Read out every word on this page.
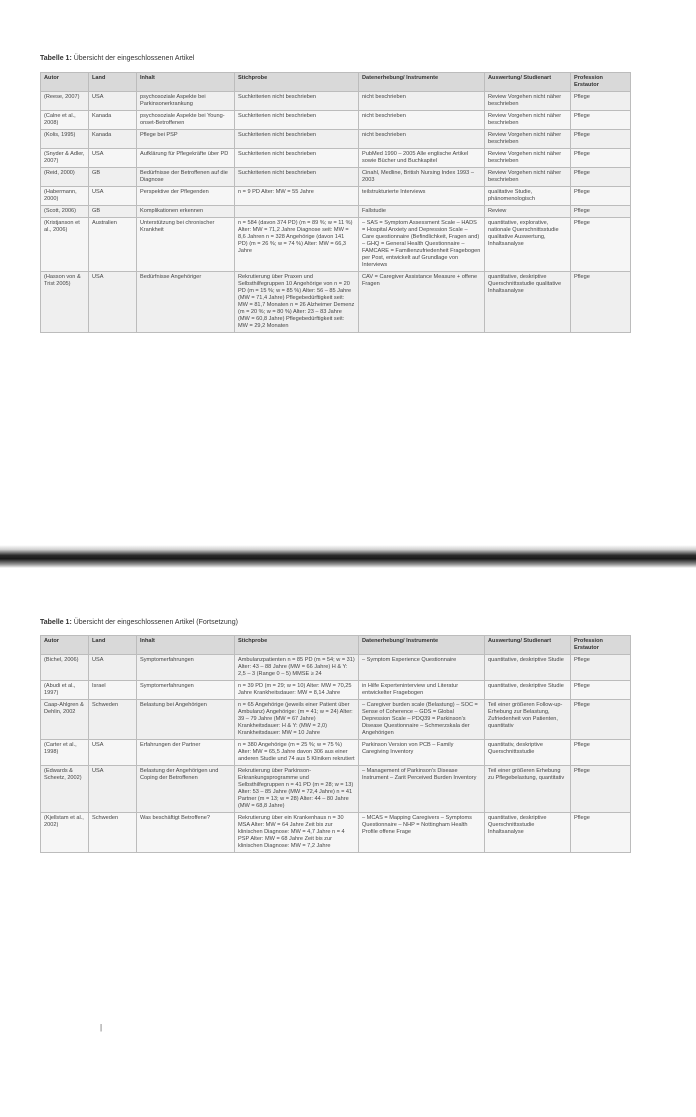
Tabelle 1: Übersicht der eingeschlossenen Artikel
Autor	Land	Inhalt	Stichprobe	Datenerhebung/ Instrumente	Auswertung/ Studienart	Profession Erstautor
(Reese, 2007)	USA	psychosoziale Aspekte bei Parkinsonerkrankung	Suchkriterien nicht beschrieben	nicht beschrieben	Review Vorgehen nicht näher beschrieben	Pflege
(Calne et al., 2008)	Kanada	psychosoziale Aspekte bei Young-onset-Betroffenen	Suchkriterien nicht beschrieben	nicht beschrieben	Review Vorgehen nicht näher beschrieben	Pflege
(Kolis, 1995)	Kanada	Pflege bei PSP	Suchkriterien nicht beschrieben	nicht beschrieben	Review Vorgehen nicht näher beschrieben	Pflege
(Snyder & Adler, 2007)	USA	Aufklärung für Pflegekräfte über PD	Suchkriterien nicht beschrieben	PubMed 1990 – 2005 Alle englische Artikel sowie Bücher und Buchkapitel	Review Vorgehen nicht näher beschrieben	Pflege
(Reid, 2000)	GB	Bedürfnisse der Betroffenen auf die Diagnose	Suchkriterien nicht beschrieben	Cinahl, Medline, British Nursing Index 1993 – 2003	Review Vorgehen nicht näher beschrieben	Pflege
(Habermann, 2000)	USA	Perspektive der Pflegenden	n = 9 PD Alter: MW = 55 Jahre	teilstrukturierte Interviews	qualitative Studie, phänomenologisch	Pflege
(Scott, 2006)	GB	Komplikationen erkennen		Fallstudie	Review	Pflege
(Kristjanson et al., 2006)	Australien	Unterstützung bei chronischer Krankheit	n = 584 (davon 374 PD) (m = 89 %; w = 11 %) Alter: MW = 71,2 Jahre Diagnose seit: MW = 8,6 Jahren n = 328 Angehörige (davon 141 PD) (m = 26 %; w = 74 %) Alter: MW = 66,3 Jahre	– SAS = Symptom Assessment Scale – HADS = Hospital Anxiety and Depression Scale – Care questionnaire (Befindlichkeit, Fragen and) – GHQ = General Health Questionnaire – FAMCARE = Familienzufriedenheit Fragebogen per Post, entwickelt auf Grundlage von Interviews	quantitative, explorative, nationale Querschnittsstudie qualitative Auswertung, Inhaltsanalyse	Pflege
(Hasson von & Trist 2005)	USA	Bedürfnisse Angehöriger	Rekrutierung über Praxen und Selbsthilfegruppen 10 Angehörige von n = 20 PD (m = 15 %; w = 85 %) Alter: 56 – 85 Jahre (MW = 71,4 Jahre) Pflegebedürftigkeit seit: MW = 81,7 Monaten n = 26 Alzheimer Demenz (m = 20 %; w = 80 %) Alter: 23 – 83 Jahre (MW = 60,8 Jahre) Pflegebedürftigkeit seit: MW = 29,2 Monaten	CAV = Caregiver Assistance Measure + offene Fragen	quantitative, deskriptive Querschnittsstudie qualitative Inhaltsanalyse	Pflege
Tabelle 1: Übersicht der eingeschlossenen Artikel (Fortsetzung)
Autor	Land	Inhalt	Stichprobe	Datenerhebung/ Instrumente	Auswertung/ Studienart	Profession Erstautor
(Bichel, 2006)	USA	Symptomerfahrungen	Ambulanzpatienten n = 85 PD (m = 54; w = 31) Alter: 43 – 88 Jahre (MW = 66 Jahre) H & Y: 2,5 – 3 (Range 0 – 5) MMSE ≥ 24	– Symptom Experience Questionnaire	quantitative, deskriptive Studie	Pflege
(Abudi et al., 1997)	Israel	Symptomerfahrungen	n = 39 PD (m = 29; w = 10) Alter: MW = 70,25 Jahre Krankheitsdauer: MW = 8,14 Jahre	in Hilfe Experteninterview und Literatur entwickelter Fragebogen	quantitative, deskriptive Studie	Pflege
Caap-Ahlgren & Dehlin, 2002	Schweden	Belastung bei Angehörigen	n = 65 Angehörige (jeweils einer Patient über Ambulanz) Angehörige: (m = 41; w = 24) Alter: 39 – 79 Jahre (MW = 67 Jahre) Krankheitsdauer: H & Y: (MW = 2,0) Krankheitsdauer: MW = 10 Jahre	– Caregiver burden scale (Belastung) – SOC = Sense of Coherence – GDS = Global Depression Scale – PDQ39 = Parkinson's Disease Questionnaire – Schmerzskala der Angehörigen	Teil einer größeren Follow-up-Erhebung zur Belastung, Zufriedenheit von Patienten, quantitativ	Pflege
(Carter et al., 1998)	USA	Erfahrungen der Partner	n = 380 Angehörige (m = 25 %; w = 75 %) Alter: MW = 65,5 Jahre davon 306 aus einer anderen Studie und 74 aus 5 Kliniken rekrutiert	Parkinson Version von PCB – Family Caregiving Inventory	quantitativ, deskriptive Querschnittsstudie	Pflege
(Edwards & Scheetz, 2002)	USA	Belastung der Angehörigen und Coping der Betroffenen	Rekrutierung über Parkinson-Erkrankungsprogramme und Selbsthilfegruppen n = 41 PD (m = 28; w = 13) Alter: 53 – 85 Jahre (MW = 72,4 Jahre) n = 41 Partner (m = 13; w = 28) Alter: 44 – 80 Jahre (MW = 68,8 Jahre)	– Management of Parkinson's Disease Instrument – Zarit Perceived Burden Inventory	Teil einer größeren Erhebung zu Pflegebelastung, quantitativ	Pflege
(Kjellstam et al., 2002)	Schweden	Was beschäftigt Betroffene?	Rekrutierung über ein Krankenhaus n = 30 MSA Alter: MW = 64 Jahre Zeit bis zur klinischen Diagnose: MW = 4,7 Jahre n = 4 PSP Alter: MW = 68 Jahre Zeit bis zur klinischen Diagnose: MW = 7,2 Jahre	– MCAS = Mapping Caregivers – Symptoms Questionnaire – NHP = Nottingham Health Profile offene Frage	quantitative, deskriptive Querschnittsstudie Inhaltsanalyse	Pflege
|
